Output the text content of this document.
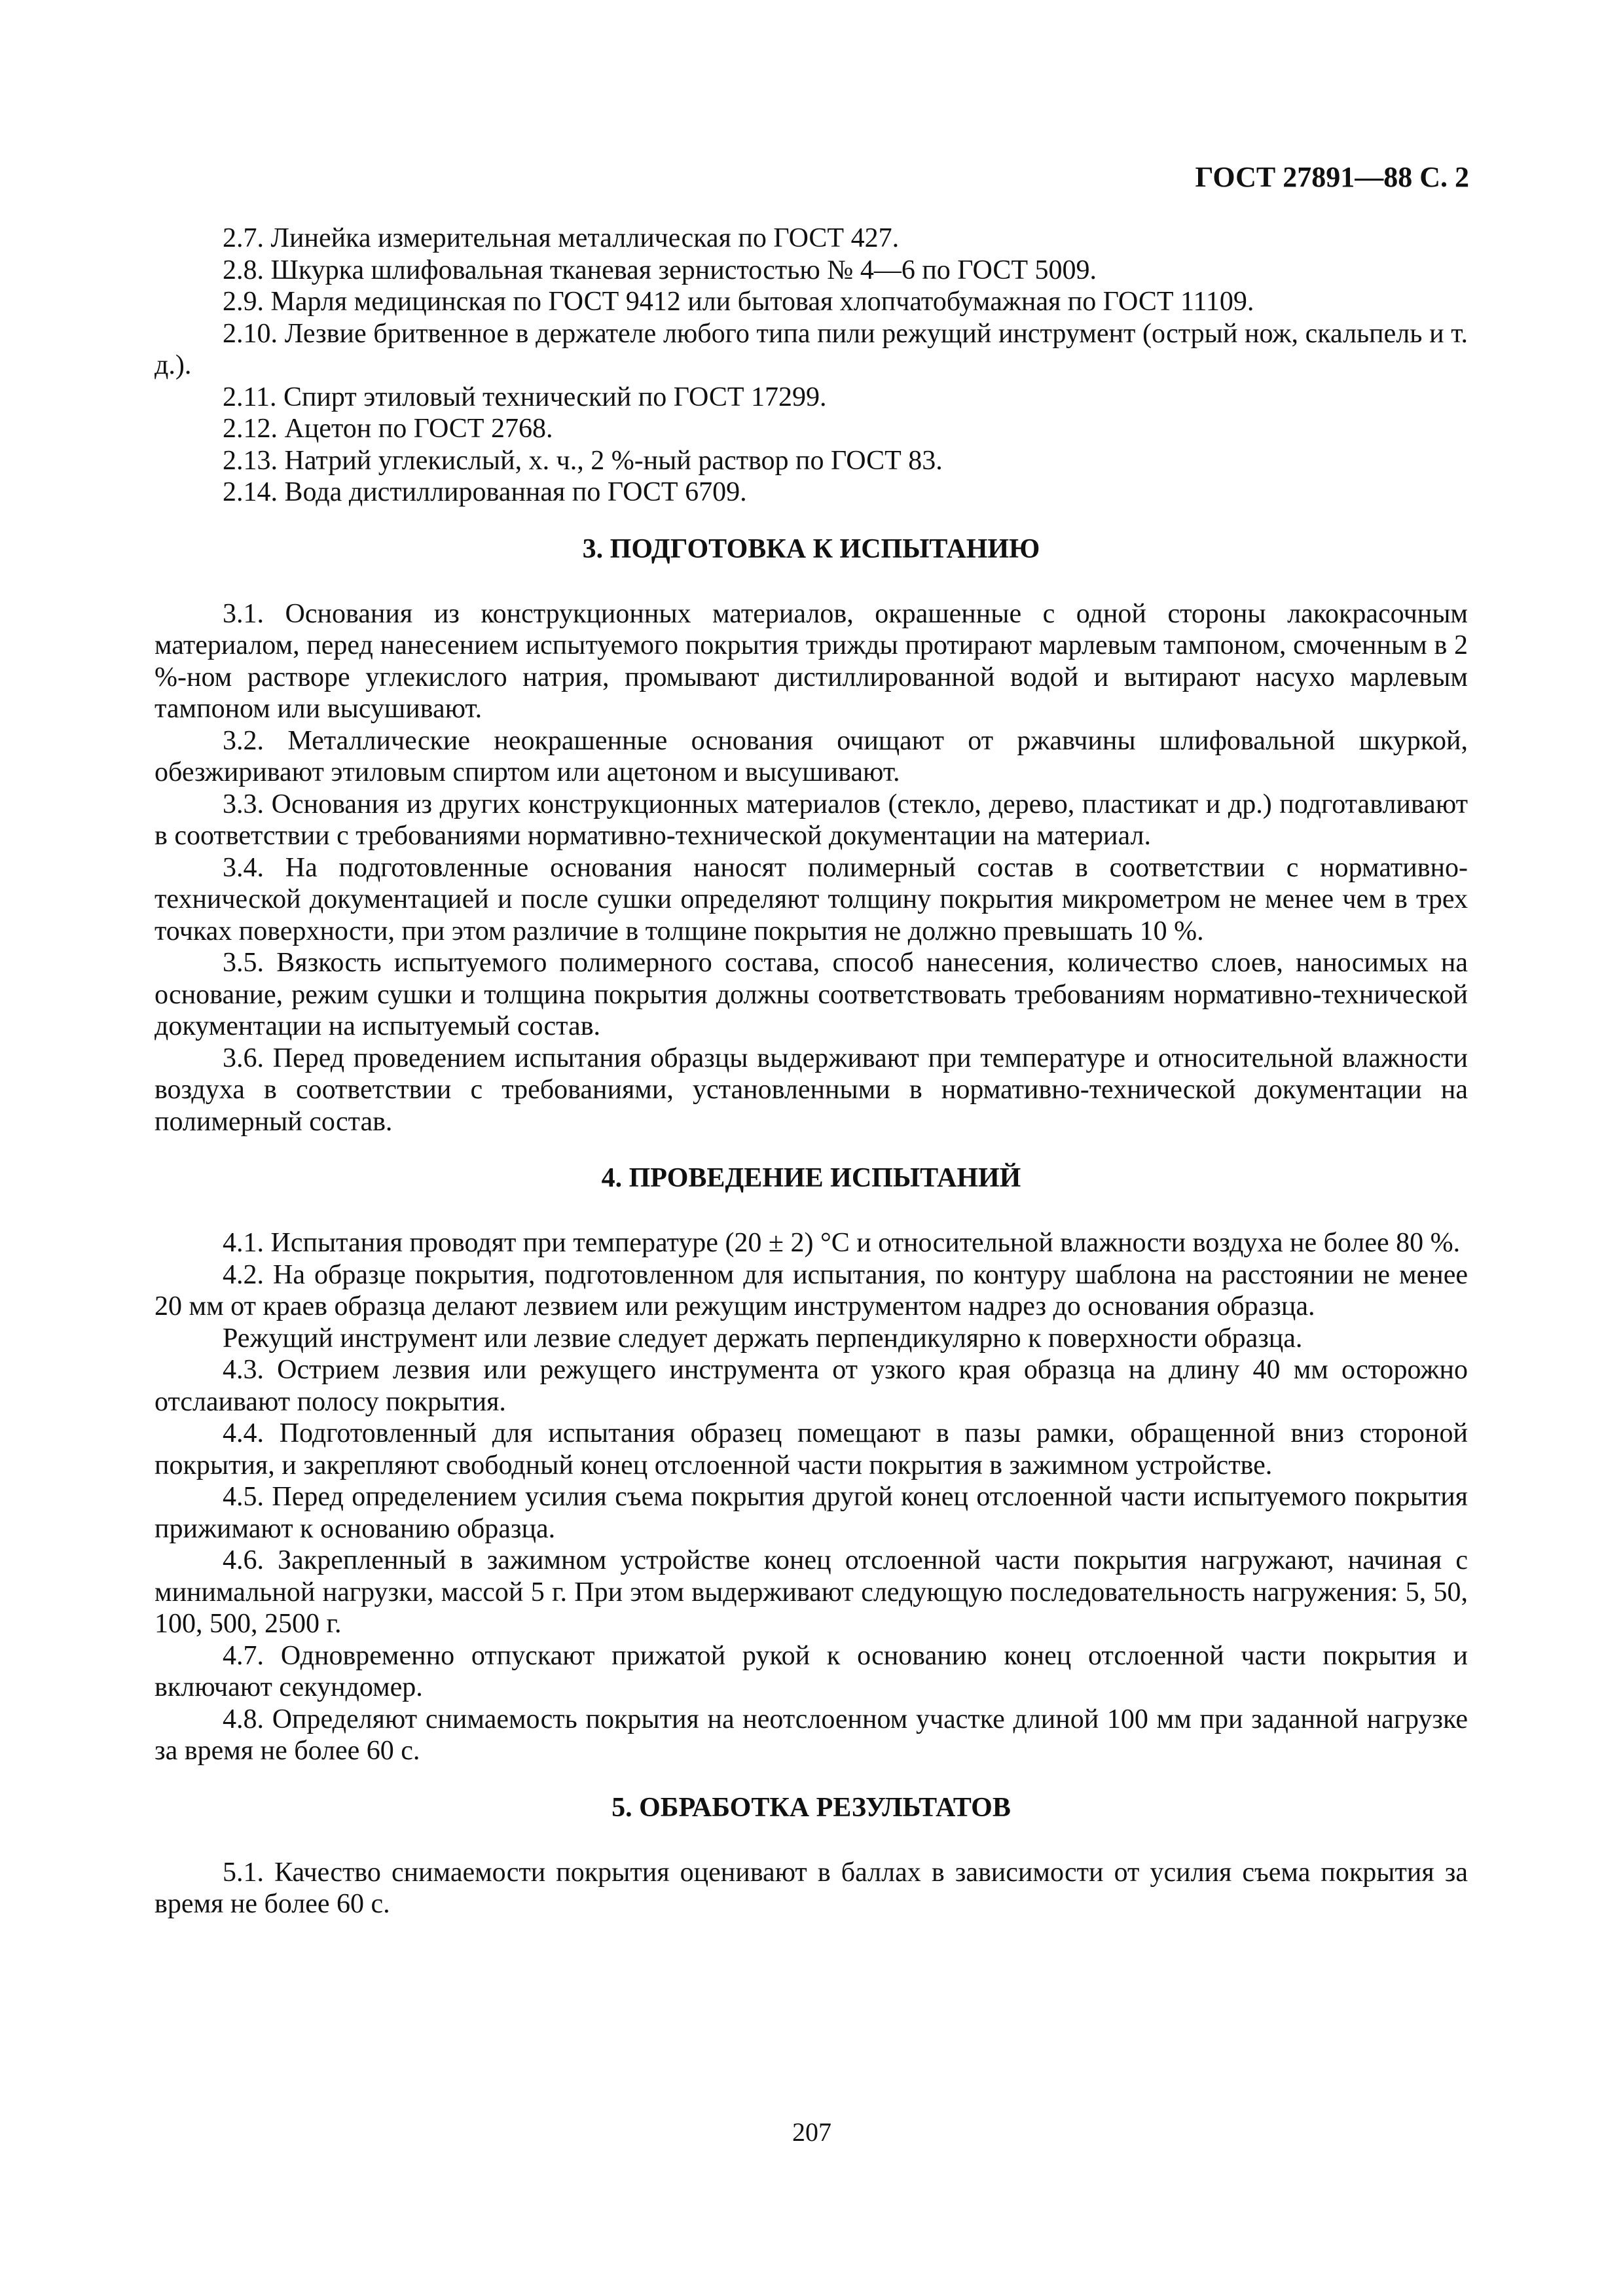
ГОСТ 27891—88 С. 2

2.7. Линейка измерительная металлическая по ГОСТ 427.

2.8. Шкурка шлифовальная тканевая зернистостью № 4—6 по ГОСТ 5009.

2.9. Марля медицинская по ГОСТ 9412 или бытовая хлопчатобумажная по ГОСТ 11109.

2.10. Лезвие бритвенное в держателе любого типа пили режущий инструмент (острый нож, скальпель и т. д.).

2.11. Спирт этиловый технический по ГОСТ 17299.

2.12. Ацетон по ГОСТ 2768.

2.13. Натрий углекислый, х. ч., 2 %-ный раствор по ГОСТ 83.

2.14. Вода дистиллированная по ГОСТ 6709.

3. ПОДГОТОВКА К ИСПЫТАНИЮ

3.1. Основания из конструкционных материалов, окрашенные с одной стороны лакокрасочным материалом, перед нанесением испытуемого покрытия трижды протирают марлевым тампоном, смоченным в 2 %-ном растворе углекислого натрия, промывают дистиллированной водой и вытирают насухо марлевым тампоном или высушивают.

3.2. Металлические неокрашенные основания очищают от ржавчины шлифовальной шкуркой, обезжиривают этиловым спиртом или ацетоном и высушивают.

3.3. Основания из других конструкционных материалов (стекло, дерево, пластикат и др.) подготавливают в соответствии с требованиями нормативно-технической документации на материал.

3.4. На подготовленные основания наносят полимерный состав в соответствии с нормативно-технической документацией и после сушки определяют толщину покрытия микрометром не менее чем в трех точках поверхности, при этом различие в толщине покрытия не должно превышать 10 %.

3.5. Вязкость испытуемого полимерного состава, способ нанесения, количество слоев, наносимых на основание, режим сушки и толщина покрытия должны соответствовать требованиям нормативно-технической документации на испытуемый состав.

3.6. Перед проведением испытания образцы выдерживают при температуре и относительной влажности воздуха в соответствии с требованиями, установленными в нормативно-технической документации на полимерный состав.

4. ПРОВЕДЕНИЕ ИСПЫТАНИЙ

4.1. Испытания проводят при температуре (20 ± 2) °С и относительной влажности воздуха не более 80 %.

4.2. На образце покрытия, подготовленном для испытания, по контуру шаблона на расстоянии не менее 20 мм от краев образца делают лезвием или режущим инструментом надрез до основания образца.

Режущий инструмент или лезвие следует держать перпендикулярно к поверхности образца.

4.3. Острием лезвия или режущего инструмента от узкого края образца на длину 40 мм осторожно отслаивают полосу покрытия.

4.4. Подготовленный для испытания образец помещают в пазы рамки, обращенной вниз стороной покрытия, и закрепляют свободный конец отслоенной части покрытия в зажимном устройстве.

4.5. Перед определением усилия съема покрытия другой конец отслоенной части испытуемого покрытия прижимают к основанию образца.

4.6. Закрепленный в зажимном устройстве конец отслоенной части покрытия нагружают, начиная с минимальной нагрузки, массой 5 г. При этом выдерживают следующую последовательность нагружения: 5, 50, 100, 500, 2500 г.

4.7. Одновременно отпускают прижатой рукой к основанию конец отслоенной части покрытия и включают секундомер.

4.8. Определяют снимаемость покрытия на неотслоенном участке длиной 100 мм при заданной нагрузке за время не более 60 с.

5. ОБРАБОТКА РЕЗУЛЬТАТОВ

5.1. Качество снимаемости покрытия оценивают в баллах в зависимости от усилия съема покрытия за время не более 60 с.

207
